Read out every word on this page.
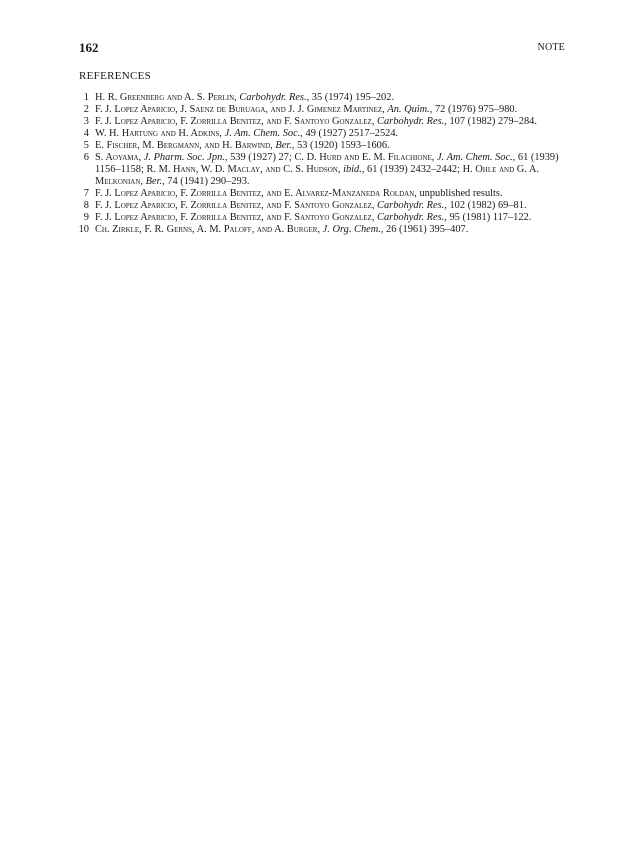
162	NOTE
REFERENCES
1 H. R. Greenberg and A. S. Perlin, Carbohydr. Res., 35 (1974) 195–202.
2 F. J. Lopez Aparicio, J. Saenz de Buruaga, and J. J. Gimenez Martinez, An. Quim., 72 (1976) 975–980.
3 F. J. Lopez Aparicio, F. Zorrilla Benitez, and F. Santoyo Gonzalez, Carbohydr. Res., 107 (1982) 279–284.
4 W. H. Hartung and H. Adkins, J. Am. Chem. Soc., 49 (1927) 2517–2524.
5 E. Fischer, M. Bergmann, and H. Barwind, Ber., 53 (1920) 1593–1606.
6 S. Aoyama, J. Pharm. Soc. Jpn., 539 (1927) 27; C. D. Hurd and E. M. Filachione, J. Am. Chem. Soc., 61 (1939) 1156–1158; R. M. Hann, W. D. Maclay, and C. S. Hudson, ibid., 61 (1939) 2432–2442; H. Ohle and G. A. Melkonian, Ber., 74 (1941) 290–293.
7 F. J. Lopez Aparicio, F. Zorrilla Benitez, and E. Alvarez-Manzaneda Roldan, unpublished results.
8 F. J. Lopez Aparicio, F. Zorrilla Benitez, and F. Santoyo Gonzalez, Carbohydr. Res., 102 (1982) 69–81.
9 F. J. Lopez Aparicio, F. Zorrilla Benitez, and F. Santoyo Gonzalez, Carbohydr. Res., 95 (1981) 117–122.
10 Ch. Zirkle, F. R. Gerns, A. M. Paloff, and A. Burger, J. Org. Chem., 26 (1961) 395–407.
